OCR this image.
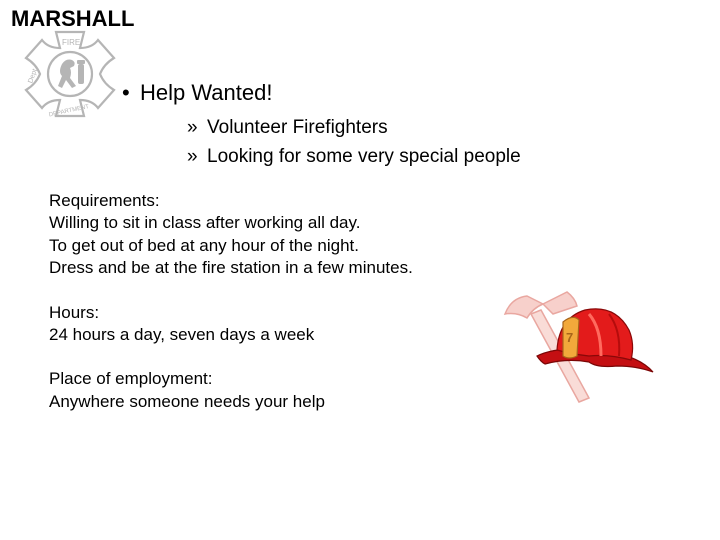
MARSHALL
FIRE
Dept.
DEPARTMENT
• Help Wanted!
» Volunteer Firefighters
» Looking for some very special people
Requirements:
Willing to sit in class after working all day.
To get out of bed at any hour of the night.
Dress and be at the fire station in a few minutes.
Hours:
24 hours a day, seven days a week
Place of employment:
Anywhere someone needs your help
7
